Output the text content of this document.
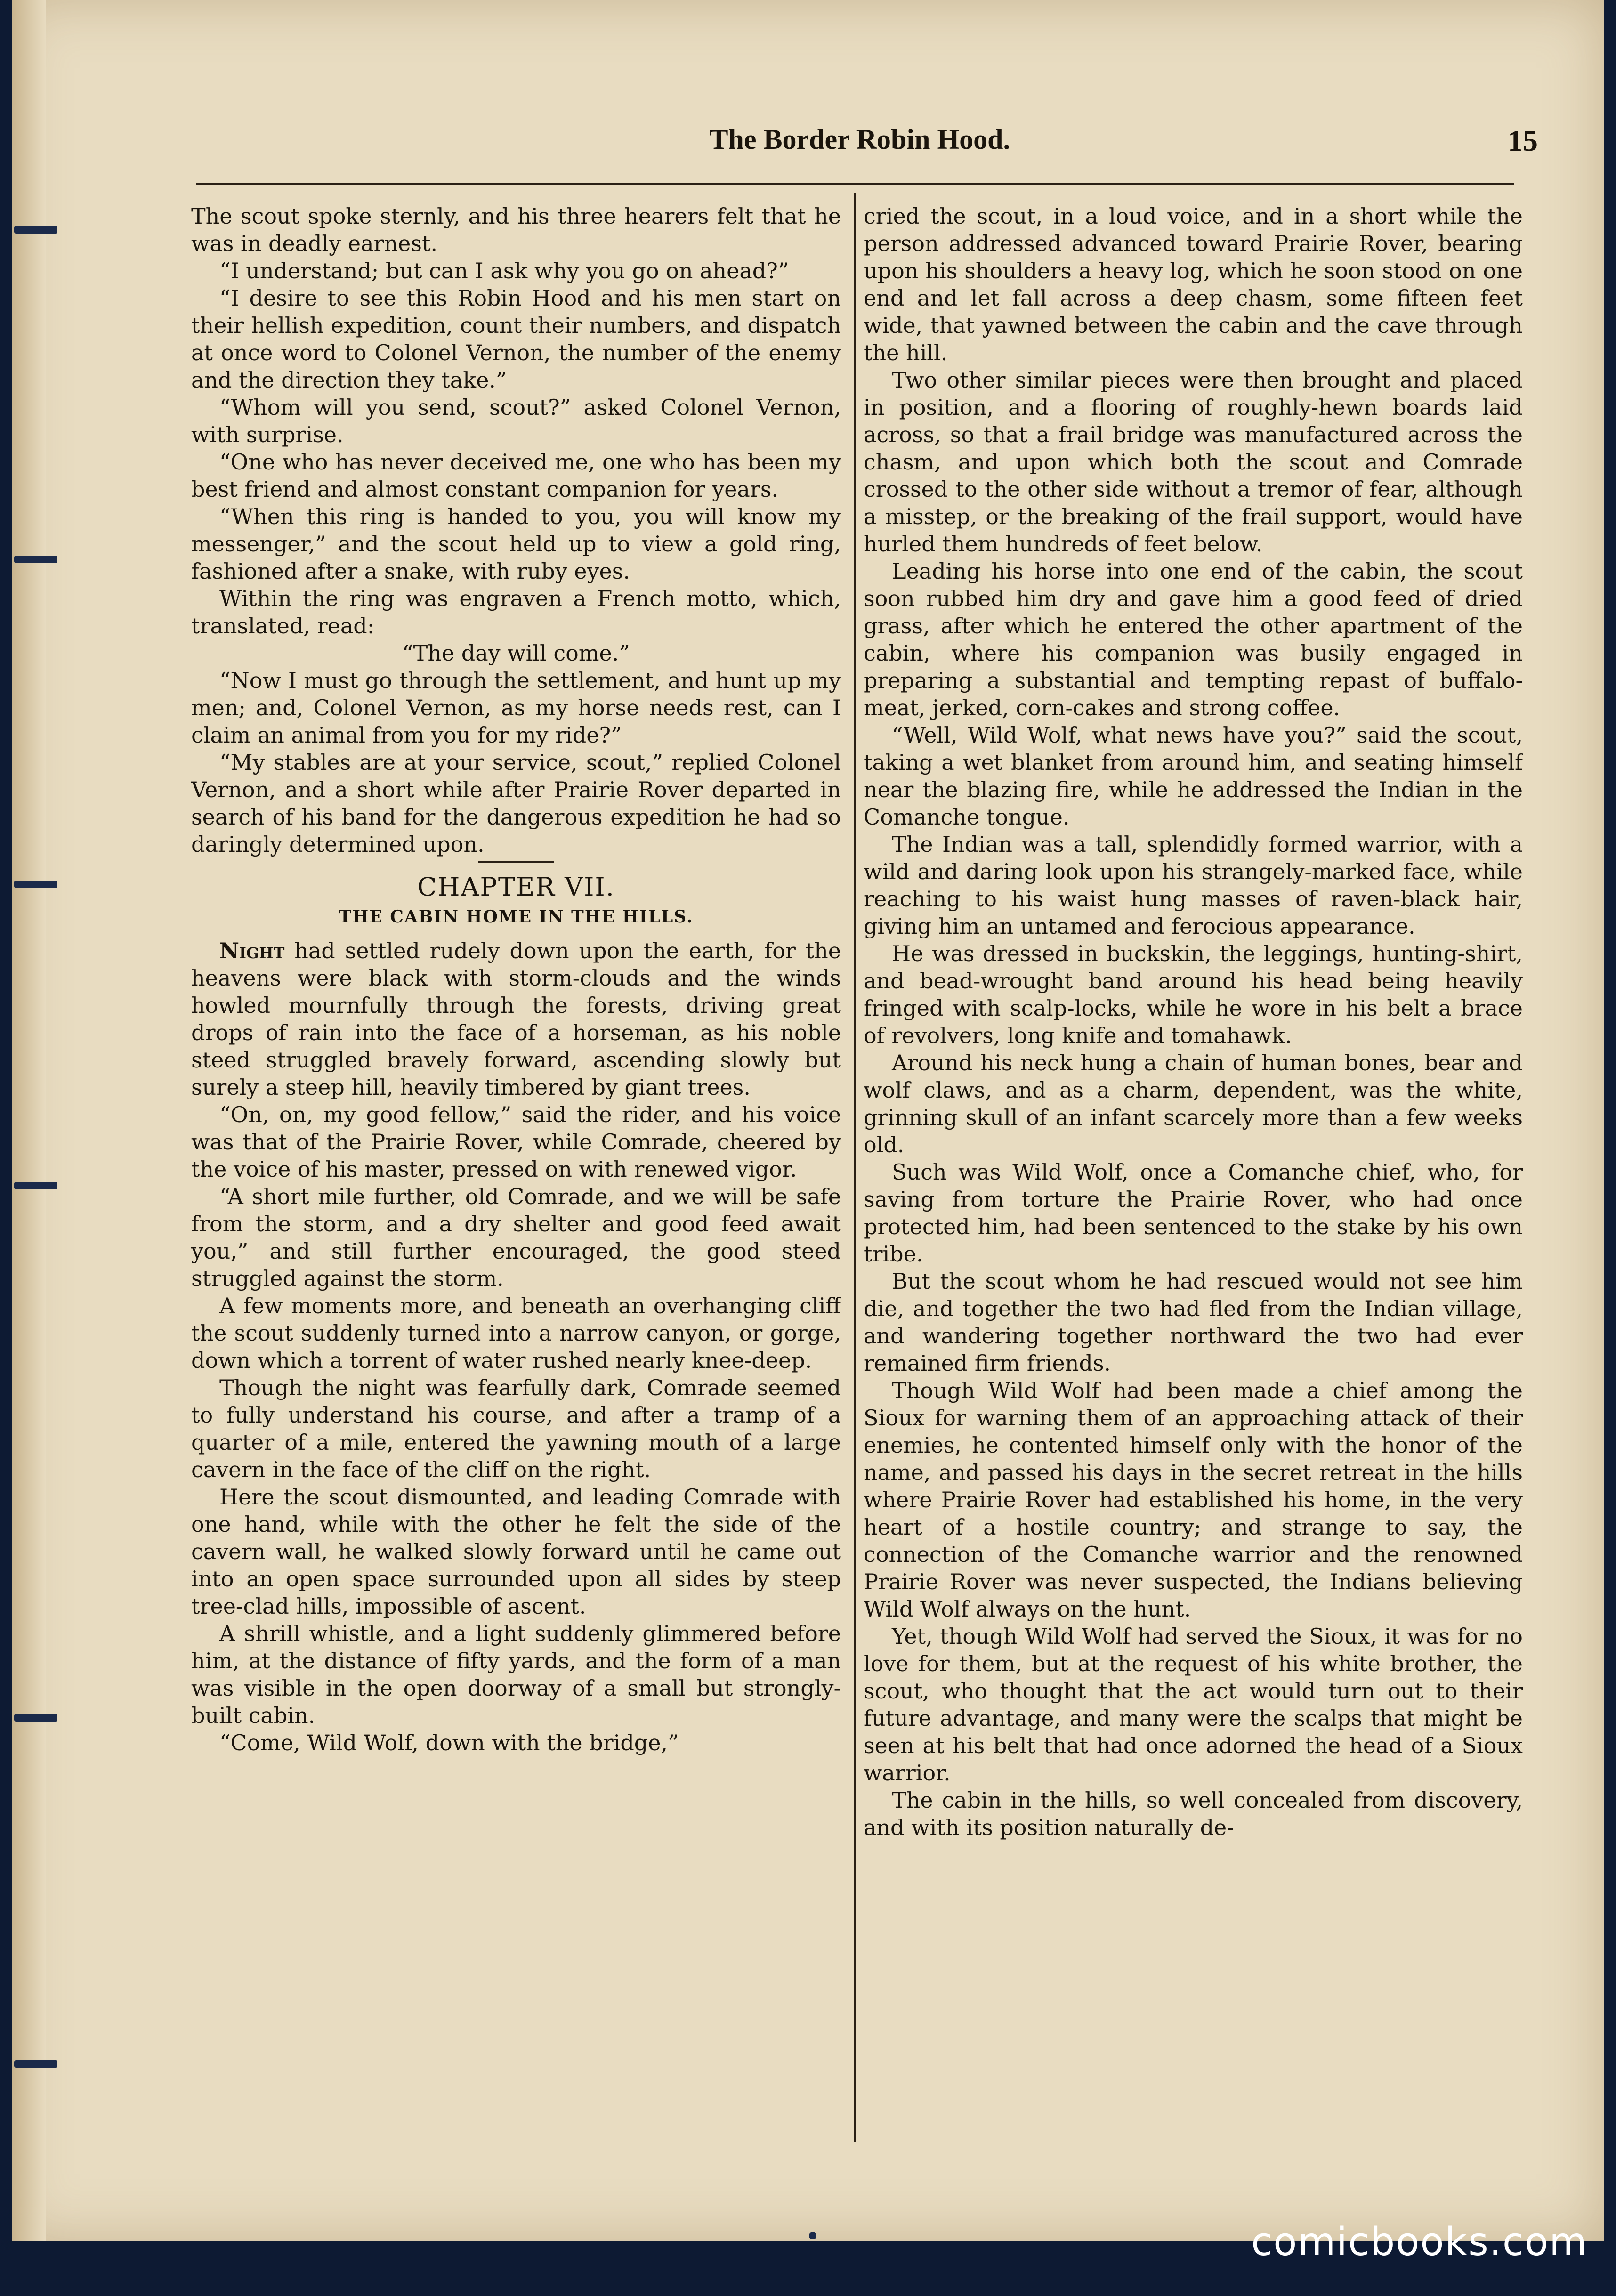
The Border Robin Hood.	15

The scout spoke sternly, and his three hearers felt that he was in deadly earnest.

“I understand; but can I ask why you go on ahead?”

“I desire to see this Robin Hood and his men start on their hellish expedition, count their numbers, and dispatch at once word to Colonel Vernon, the number of the enemy and the direction they take.”

“Whom will you send, scout?” asked Colonel Vernon, with surprise.

“One who has never deceived me, one who has been my best friend and almost constant companion for years.

“When this ring is handed to you, you will know my messenger,” and the scout held up to view a gold ring, fashioned after a snake, with ruby eyes.

Within the ring was engraven a French motto, which, translated, read:

“The day will come.”

“Now I must go through the settlement, and hunt up my men; and, Colonel Vernon, as my horse needs rest, can I claim an animal from you for my ride?”

“My stables are at your service, scout,” replied Colonel Vernon, and a short while after Prairie Rover departed in search of his band for the dangerous expedition he had so daringly determined upon.

CHAPTER VII.

THE CABIN HOME IN THE HILLS.

Night had settled rudely down upon the earth, for the heavens were black with storm-clouds and the winds howled mournfully through the forests, driving great drops of rain into the face of a horseman, as his noble steed struggled bravely forward, ascending slowly but surely a steep hill, heavily timbered by giant trees.

“On, on, my good fellow,” said the rider, and his voice was that of the Prairie Rover, while Comrade, cheered by the voice of his master, pressed on with renewed vigor.

“A short mile further, old Comrade, and we will be safe from the storm, and a dry shelter and good feed await you,” and still further encouraged, the good steed struggled against the storm.

A few moments more, and beneath an overhanging cliff the scout suddenly turned into a narrow canyon, or gorge, down which a torrent of water rushed nearly knee-deep.

Though the night was fearfully dark, Comrade seemed to fully understand his course, and after a tramp of a quarter of a mile, entered the yawning mouth of a large cavern in the face of the cliff on the right.

Here the scout dismounted, and leading Comrade with one hand, while with the other he felt the side of the cavern wall, he walked slowly forward until he came out into an open space surrounded upon all sides by steep tree-clad hills, impossible of ascent.

A shrill whistle, and a light suddenly glimmered before him, at the distance of fifty yards, and the form of a man was visible in the open doorway of a small but strongly-built cabin.

“Come, Wild Wolf, down with the bridge,”

cried the scout, in a loud voice, and in a short while the person addressed advanced toward Prairie Rover, bearing upon his shoulders a heavy log, which he soon stood on one end and let fall across a deep chasm, some fifteen feet wide, that yawned between the cabin and the cave through the hill.

Two other similar pieces were then brought and placed in position, and a flooring of roughly-hewn boards laid across, so that a frail bridge was manufactured across the chasm, and upon which both the scout and Comrade crossed to the other side without a tremor of fear, although a misstep, or the breaking of the frail support, would have hurled them hundreds of feet below.

Leading his horse into one end of the cabin, the scout soon rubbed him dry and gave him a good feed of dried grass, after which he entered the other apartment of the cabin, where his companion was busily engaged in preparing a substantial and tempting repast of buffalo-meat, jerked, corn-cakes and strong coffee.

“Well, Wild Wolf, what news have you?” said the scout, taking a wet blanket from around him, and seating himself near the blazing fire, while he addressed the Indian in the Comanche tongue.

The Indian was a tall, splendidly formed warrior, with a wild and daring look upon his strangely-marked face, while reaching to his waist hung masses of raven-black hair, giving him an untamed and ferocious appearance.

He was dressed in buckskin, the leggings, hunting-shirt, and bead-wrought band around his head being heavily fringed with scalp-locks, while he wore in his belt a brace of revolvers, long knife and tomahawk.

Around his neck hung a chain of human bones, bear and wolf claws, and as a charm, dependent, was the white, grinning skull of an infant scarcely more than a few weeks old.

Such was Wild Wolf, once a Comanche chief, who, for saving from torture the Prairie Rover, who had once protected him, had been sentenced to the stake by his own tribe.

But the scout whom he had rescued would not see him die, and together the two had fled from the Indian village, and wandering together northward the two had ever remained firm friends.

Though Wild Wolf had been made a chief among the Sioux for warning them of an approaching attack of their enemies, he contented himself only with the honor of the name, and passed his days in the secret retreat in the hills where Prairie Rover had established his home, in the very heart of a hostile country; and strange to say, the connection of the Comanche warrior and the renowned Prairie Rover was never suspected, the Indians believing Wild Wolf always on the hunt.

Yet, though Wild Wolf had served the Sioux, it was for no love for them, but at the request of his white brother, the scout, who thought that the act would turn out to their future advantage, and many were the scalps that might be seen at his belt that had once adorned the head of a Sioux warrior.

The cabin in the hills, so well concealed from discovery, and with its position naturally de-

comicbooks.com
